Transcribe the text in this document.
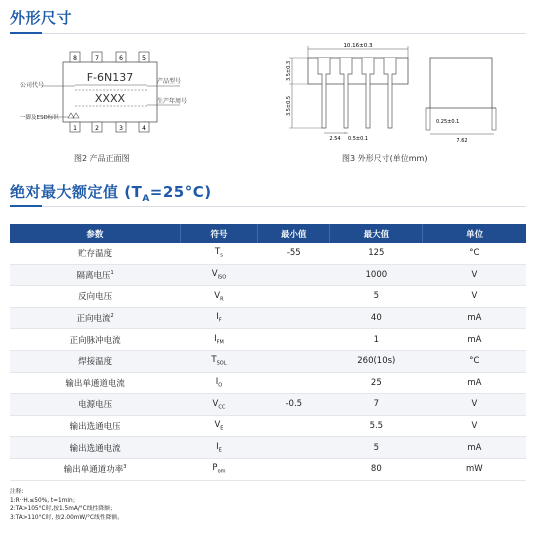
外形尺寸
8	7	6	5
1	2	3	4
F-6N137
XXXX
公司代号
产品型号
生产年周号
一脚及ESD标识
图2 产品正面图
10.16±0.3
3.5±0.3
3.5±0.5
2.54 0.5±0.1
0.25±0.1
7.62
图3 外形尺寸(单位mm)
绝对最大额定值 $(T_A=25^\circ C)$
参数	符号	最小值	最大值	单位
贮存温度	$T_s$	-55	125	°C
隔离电压$^1$	$V_{ISO}$		1000	V
反向电压	$V_R$		5	V
正向电流$^2$	$I_F$		40	mA
正向脉冲电流	$I_{FM}$		1	mA
焊接温度	$T_{SOL}$		260(10s)	°C
输出单通道电流	$I_O$		25	mA
电源电压	$V_{CC}$	-0.5	7	V
输出选通电压	$V_E$		5.5	V
输出选通电流	$I_E$		5	mA
输出单通道功率$^3$	$P_{om}$		80	mW
注释:
1:R··H.≤50%, t=1min；
2:TA>105°C时,按1.5mA/°C线性降额；
3:TA>110°C时, 按2.00mW/°C线性降额。
